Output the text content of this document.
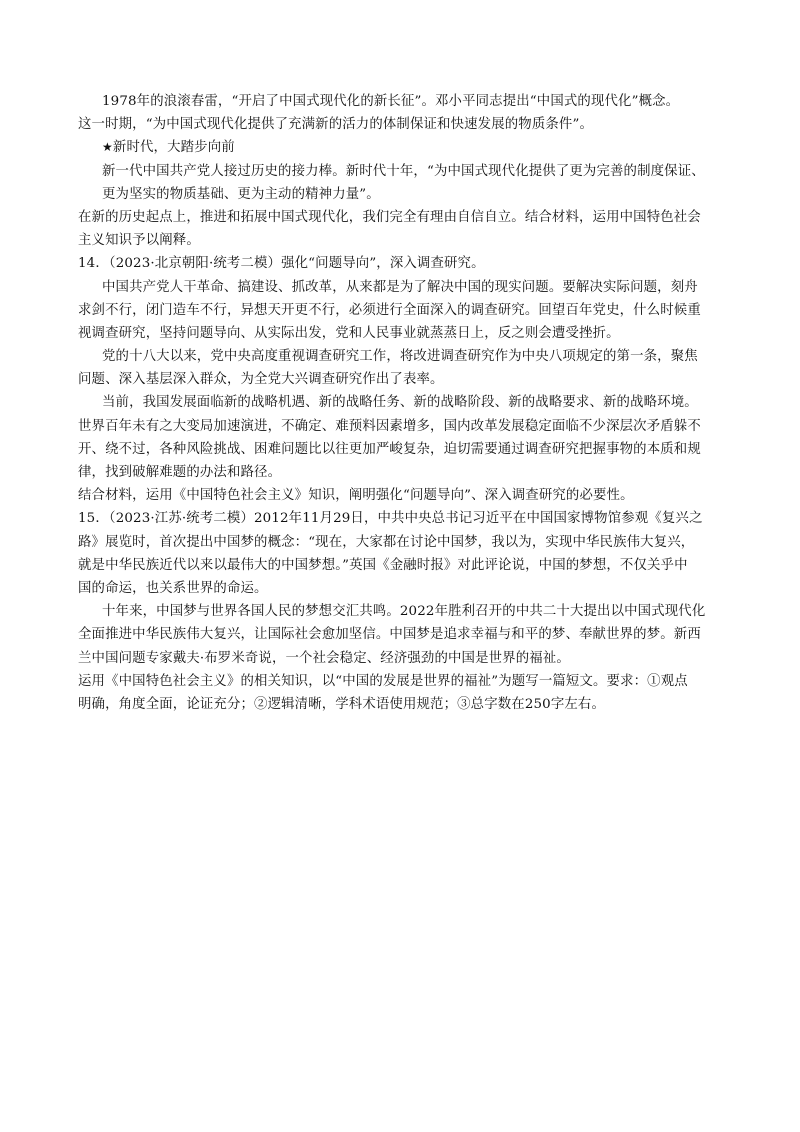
1978年的浪滚春雷，“开启了中国式现代化的新长征”。邓小平同志提出“中国式的现代化”概念。
这一时期，“为中国式现代化提供了充满新的活力的体制保证和快速发展的物质条件”。
★新时代，大踏步向前
新一代中国共产党人接过历史的接力棒。新时代十年，“为中国式现代化提供了更为完善的制度保证、
更为坚实的物质基础、更为主动的精神力量”。
在新的历史起点上，推进和拓展中国式现代化，我们完全有理由自信自立。结合材料，运用中国特色社会
主义知识予以阐释。
14．（2023·北京朝阳·统考二模）强化“问题导向”，深入调查研究。
中国共产党人干革命、搞建设、抓改革，从来都是为了解决中国的现实问题。要解决实际问题，刻舟
求剑不行，闭门造车不行，异想天开更不行，必须进行全面深入的调查研究。回望百年党史，什么时候重
视调查研究，坚持问题导向、从实际出发，党和人民事业就蒸蒸日上，反之则会遭受挫折。
党的十八大以来，党中央高度重视调查研究工作，将改进调查研究作为中央八项规定的第一条，聚焦
问题、深入基层深入群众，为全党大兴调查研究作出了表率。
当前，我国发展面临新的战略机遇、新的战略任务、新的战略阶段、新的战略要求、新的战略环境。
世界百年未有之大变局加速演进，不确定、难预料因素增多，国内改革发展稳定面临不少深层次矛盾躲不
开、绕不过，各种风险挑战、困难问题比以往更加严峻复杂，迫切需要通过调查研究把握事物的本质和规
律，找到破解难题的办法和路径。
结合材料，运用《中国特色社会主义》知识，阐明强化“问题导向”、深入调查研究的必要性。
15．（2023·江苏·统考二模）2012年11月29日，中共中央总书记习近平在中国国家博物馆参观《复兴之
路》展览时，首次提出中国梦的概念：“现在，大家都在讨论中国梦，我以为，实现中华民族伟大复兴，
就是中华民族近代以来以最伟大的中国梦想。”英国《金融时报》对此评论说，中国的梦想，不仅关乎中
国的命运，也关系世界的命运。
十年来，中国梦与世界各国人民的梦想交汇共鸣。2022年胜利召开的中共二十大提出以中国式现代化
全面推进中华民族伟大复兴，让国际社会愈加坚信。中国梦是追求幸福与和平的梦、奉献世界的梦。新西
兰中国问题专家戴夫·布罗米奇说，一个社会稳定、经济强劲的中国是世界的福祉。
运用《中国特色社会主义》的相关知识，以“中国的发展是世界的福祉”为题写一篇短文。要求：①观点
明确，角度全面，论证充分；②逻辑清晰，学科术语使用规范；③总字数在250字左右。
